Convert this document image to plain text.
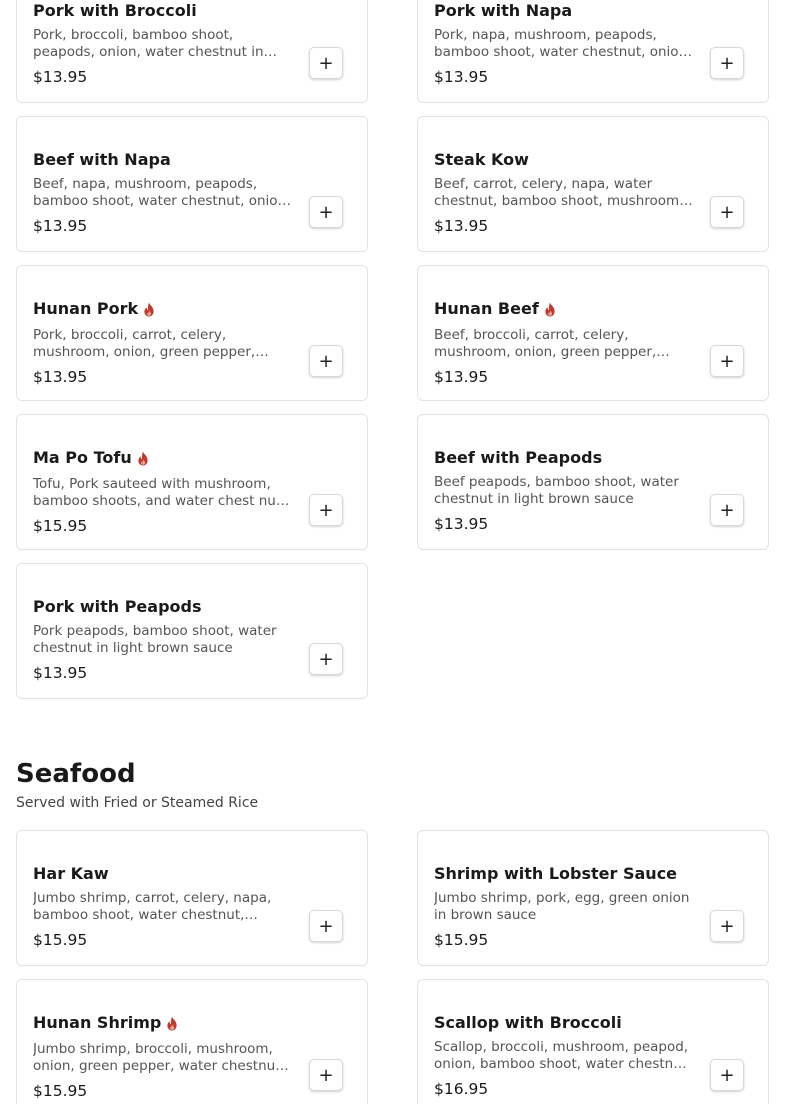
Pork with Broccoli
Pork, broccoli, bamboo shoot, peapods, onion, water chestnut in
$13.95
+
Pork with Napa
Pork, napa, mushroom, peapods, bamboo shoot, water chestnut, onion
$13.95
+
Beef with Napa
Beef, napa, mushroom, peapods, bamboo shoot, water chestnut, onion
$13.95
+
Steak Kow
Beef, carrot, celery, napa, water chestnut, bamboo shoot, mushroom
$13.95
+
Hunan Pork
Pork, broccoli, carrot, celery, mushroom, onion, green pepper,
$13.95
+
Hunan Beef
Beef, broccoli, carrot, celery, mushroom, onion, green pepper,
$13.95
+
Ma Po Tofu
Tofu, Pork sauteed with mushroom, bamboo shoots, and water chest nut
$15.95
+
Beef with Peapods
Beef peapods, bamboo shoot, water chestnut in light brown sauce
$13.95
+
Pork with Peapods
Pork peapods, bamboo shoot, water chestnut in light brown sauce
$13.95
+
Seafood
Served with Fried or Steamed Rice
Har Kaw
Jumbo shrimp, carrot, celery, napa, bamboo shoot, water chestnut,
$15.95
+
Shrimp with Lobster Sauce
Jumbo shrimp, pork, egg, green onion in brown sauce
$15.95
+
Hunan Shrimp
Jumbo shrimp, broccoli, mushroom, onion, green pepper, water chestnut
$15.95
+
Scallop with Broccoli
Scallop, broccoli, mushroom, peapod, onion, bamboo shoot, water chestnut
$16.95
+
